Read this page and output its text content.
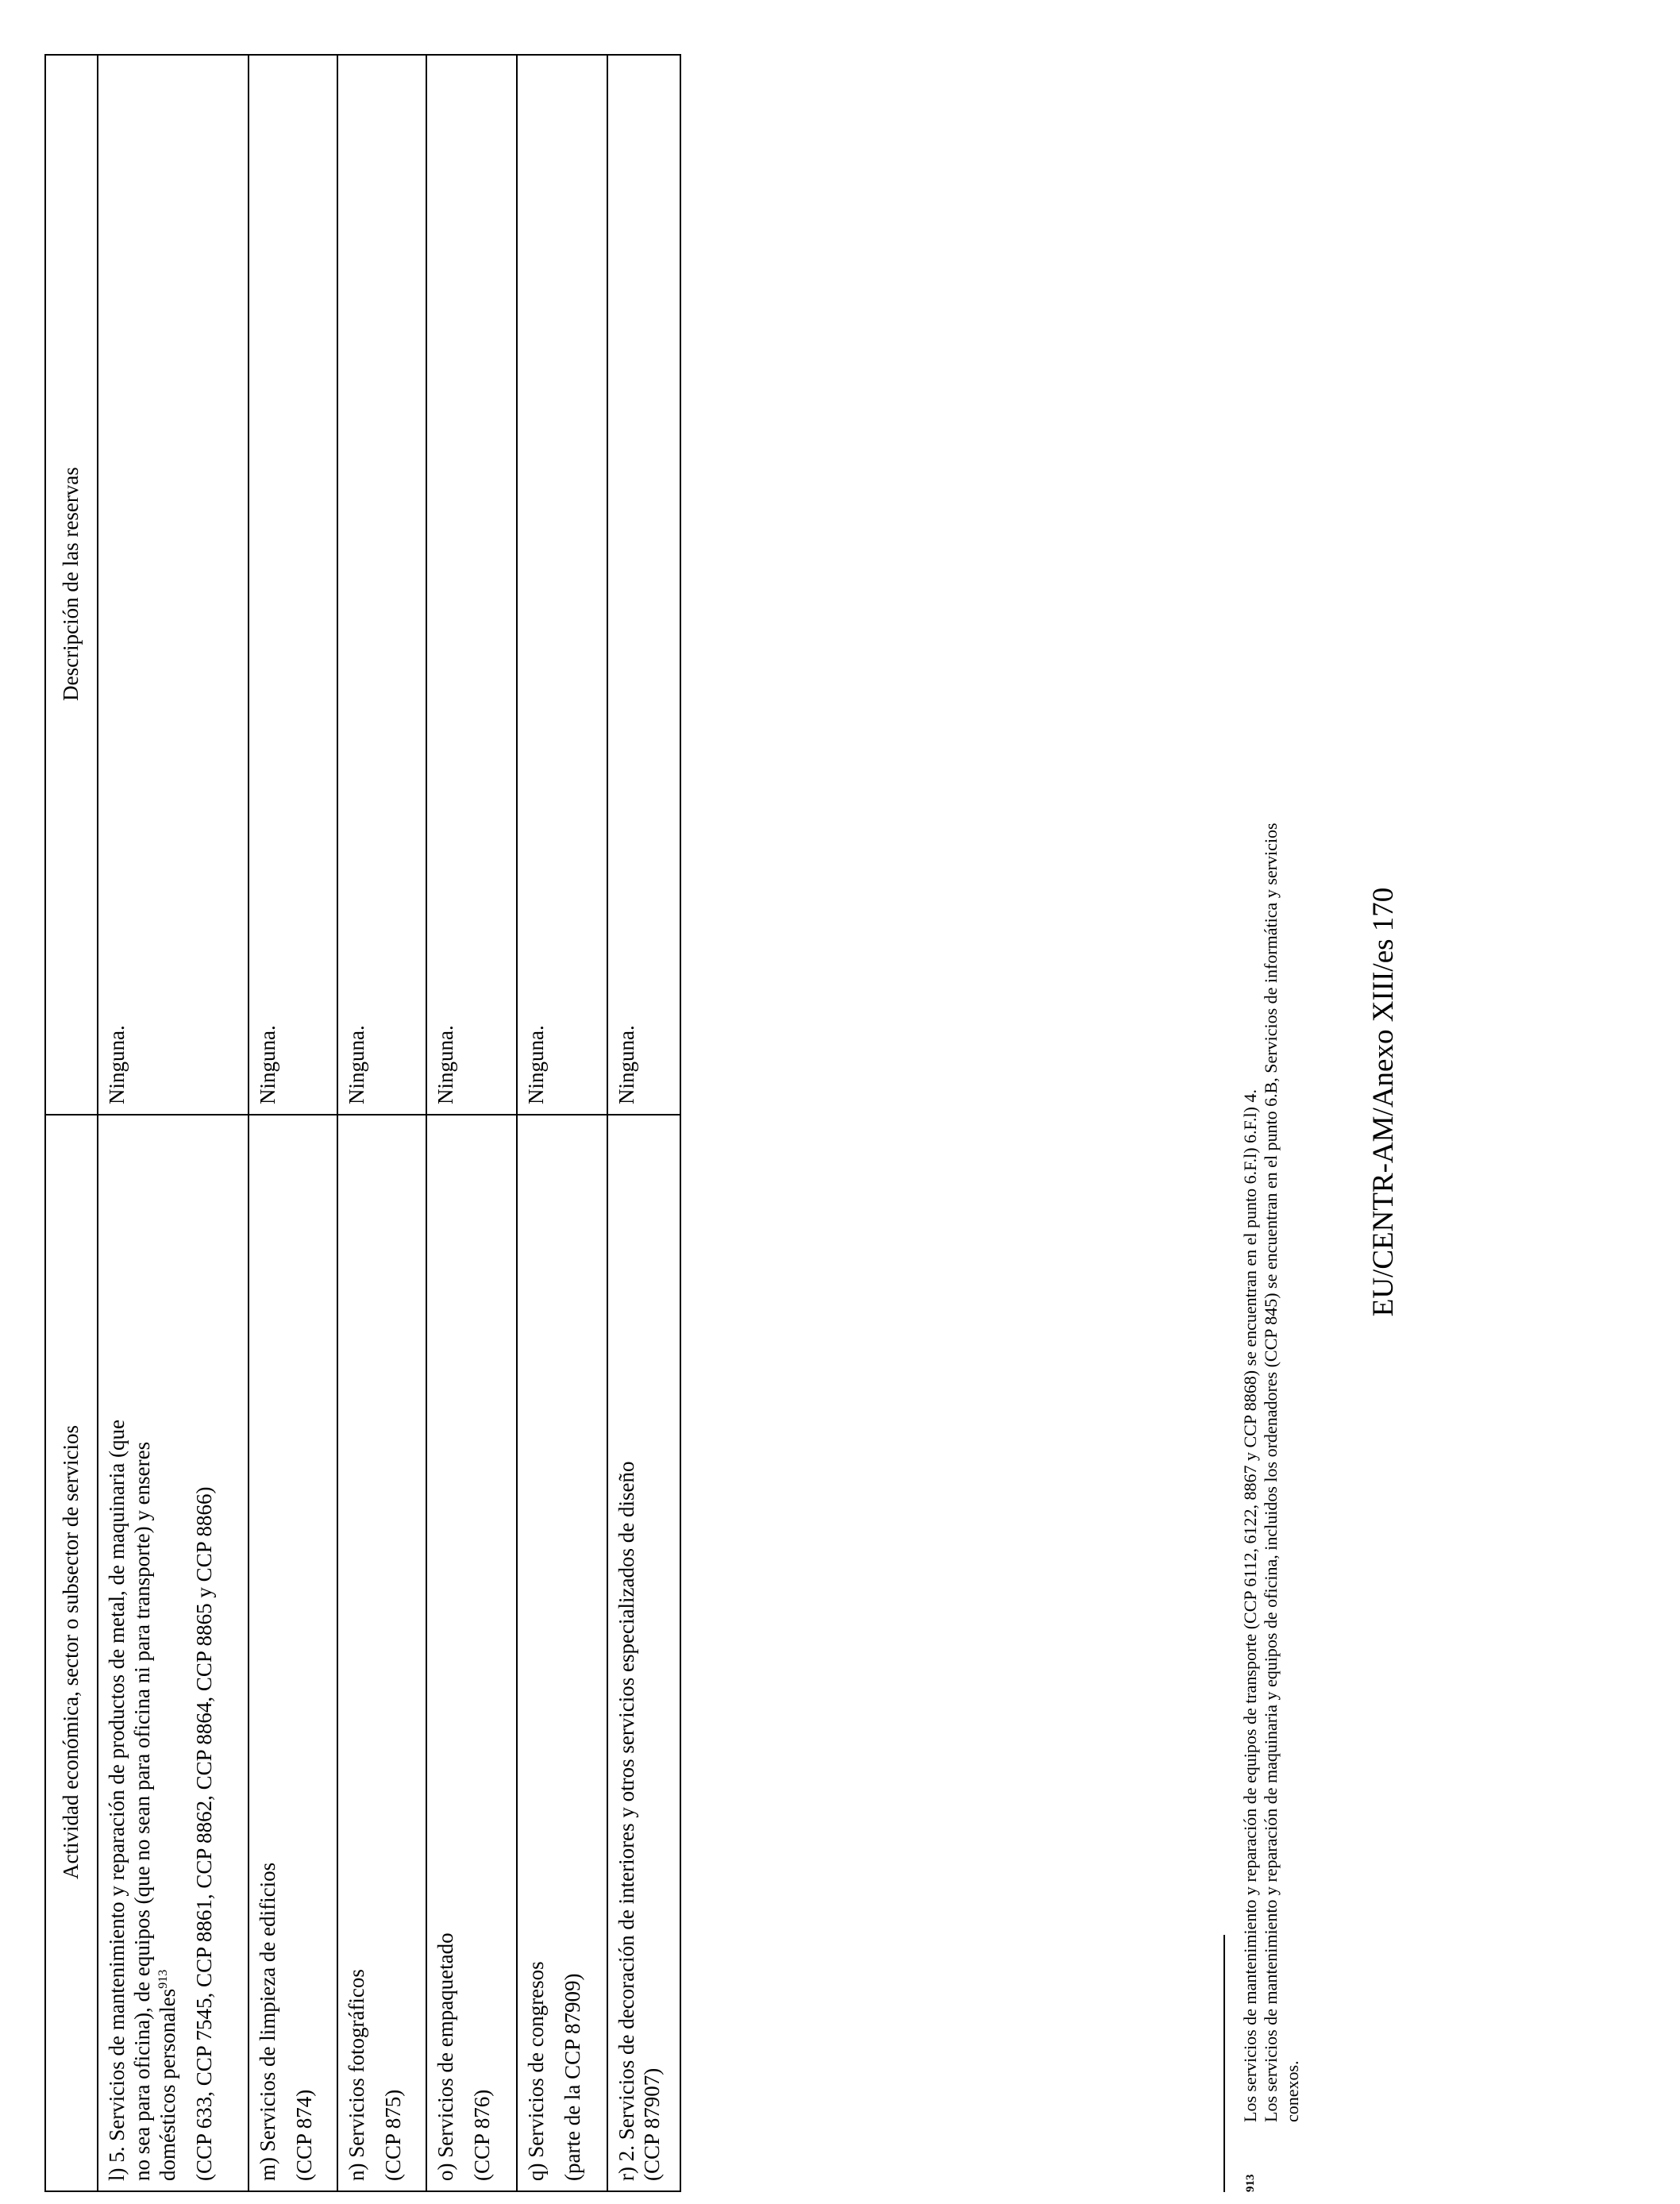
Actividad económica, sector o subsector de servicios	Descripción de las reservas

l) 5. Servicios de mantenimiento y reparación de productos de metal, de maquinaria (que no sea para oficina), de equipos (que no sean para oficina ni para transporte) y enseres domésticos personales$^{913}$ (CCP 633, CCP 7545, CCP 8861, CCP 8862, CCP 8864, CCP 8865 y CCP 8866)	Ninguna.

m) Servicios de limpieza de edificios (CCP 874)	Ninguna.

n) Servicios fotográficos (CCP 875)	Ninguna.

o) Servicios de empaquetado (CCP 876)	Ninguna.

q) Servicios de congresos (parte de la CCP 87909)	Ninguna.

r) 2. Servicios de decoración de interiores y otros servicios especializados de diseño (CCP 87907)	Ninguna.
913
Los servicios de mantenimiento y reparación de equipos de transporte (CCP 6112, 6122, 8867 y CCP 8868) se encuentran en el punto 6.F.l) 6.F.l) 4. Los servicios de mantenimiento y reparación de maquinaria y equipos de oficina, incluidos los ordenadores (CCP 845) se encuentran en el punto 6.B, Servicios de informática y servicios conexos.
EU/CENTR-AM/Anexo XIII/es 170
